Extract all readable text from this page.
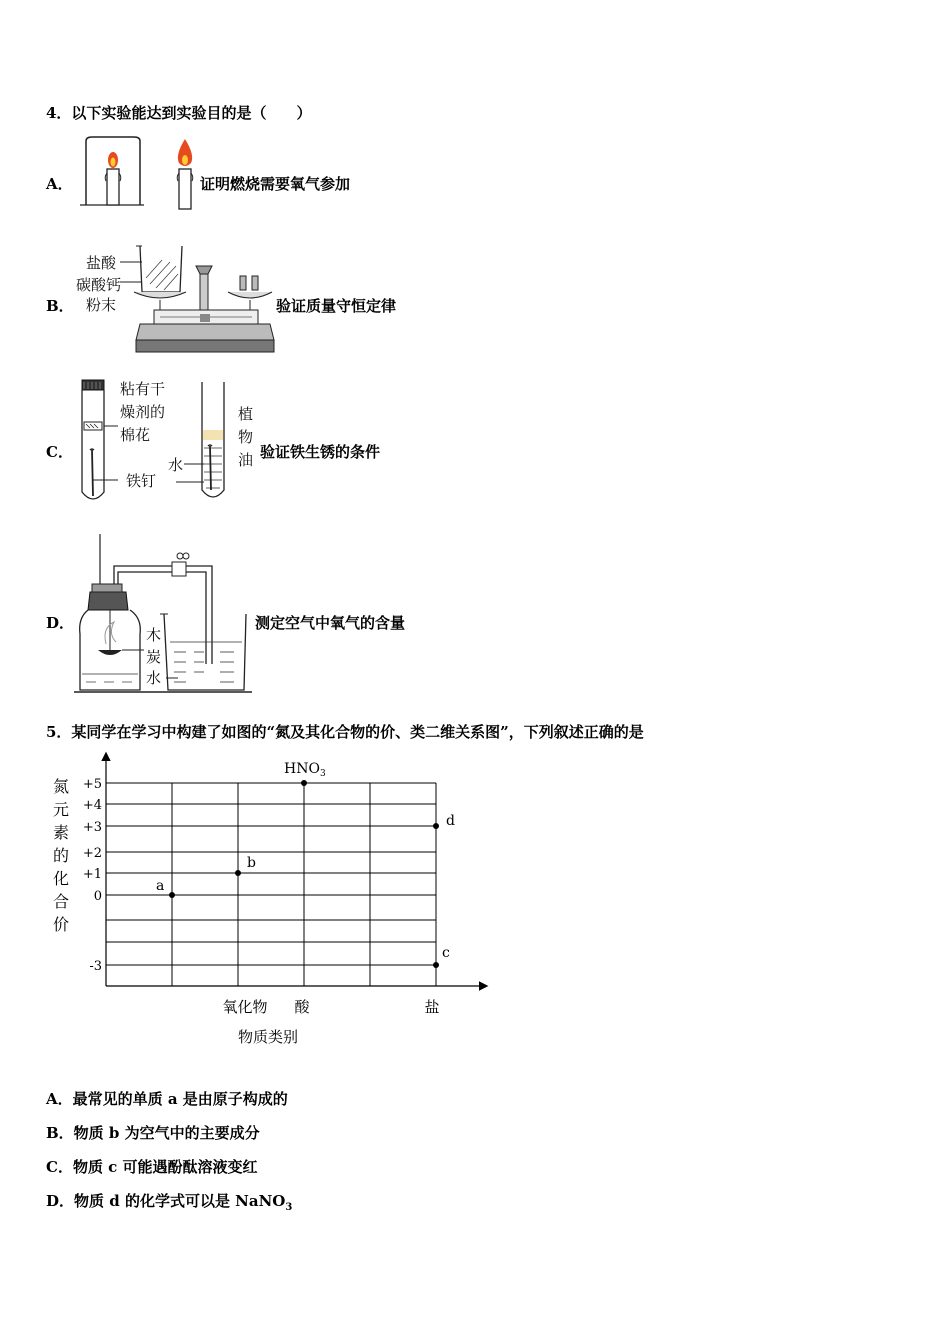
4．以下实验能达到实验目的是（　　）
A．	证明燃烧需要氧气参加
B．
盐酸
碳酸钙
粉末	验证质量守恒定律
C．
粘有干
燥剂的
棉花
铁钉
植
物
油
水
验证铁生锈的条件
D．
木
炭
水
测定空气中氧气的含量
5．某同学在学习中构建了如图的“氮及其化合物的价、类二维关系图”，下列叙述正确的是
+5
+4
+3
+2
+1
0
-3
a
b
$HNO_3$
c
d
氧化物 酸	盐
物质类别
氮
元
素
的
化
合
价
A．最常见的单质 a 是由原子构成的
B．物质 b 为空气中的主要成分
C．物质 c 可能遇酚酞溶液变红
D．物质 d 的化学式可以是 NaNO$_3$
